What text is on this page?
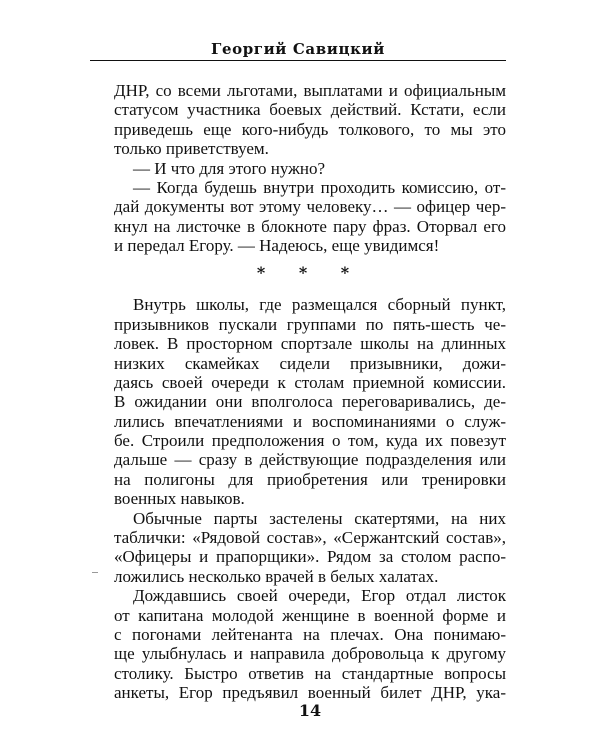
Георгий Савицкий
ДНР, со всеми льготами, выплатами и официальным
статусом участника боевых действий. Кстати, если
приведешь еще кого-нибудь толкового, то мы это
только приветствуем.
— И что для этого нужно?
— Когда будешь внутри проходить комиссию, от-
дай документы вот этому человеку… — офицер чер-
кнул на листочке в блокноте пару фраз. Оторвал его
и передал Егору. — Надеюсь, еще увидимся!
* * *
Внутрь школы, где размещался сборный пункт,
призывников пускали группами по пять-шесть че-
ловек. В просторном спортзале школы на длинных
низких скамейках сидели призывники, дожи-
даясь своей очереди к столам приемной комиссии.
В ожидании они вполголоса переговаривались, де-
лились впечатлениями и воспоминаниями о служ-
бе. Строили предположения о том, куда их повезут
дальше — сразу в действующие подразделения или
на полигоны для приобретения или тренировки
военных навыков.
Обычные парты застелены скатертями, на них
таблички: «Рядовой состав», «Сержантский состав»,
«Офицеры и прапорщики». Рядом за столом распо-
ложились несколько врачей в белых халатах.
Дождавшись своей очереди, Егор отдал листок
от капитана молодой женщине в военной форме и
с погонами лейтенанта на плечах. Она понимаю-
ще улыбнулась и направила добровольца к другому
столику. Быстро ответив на стандартные вопросы
анкеты, Егор предъявил военный билет ДНР, ука-
14
